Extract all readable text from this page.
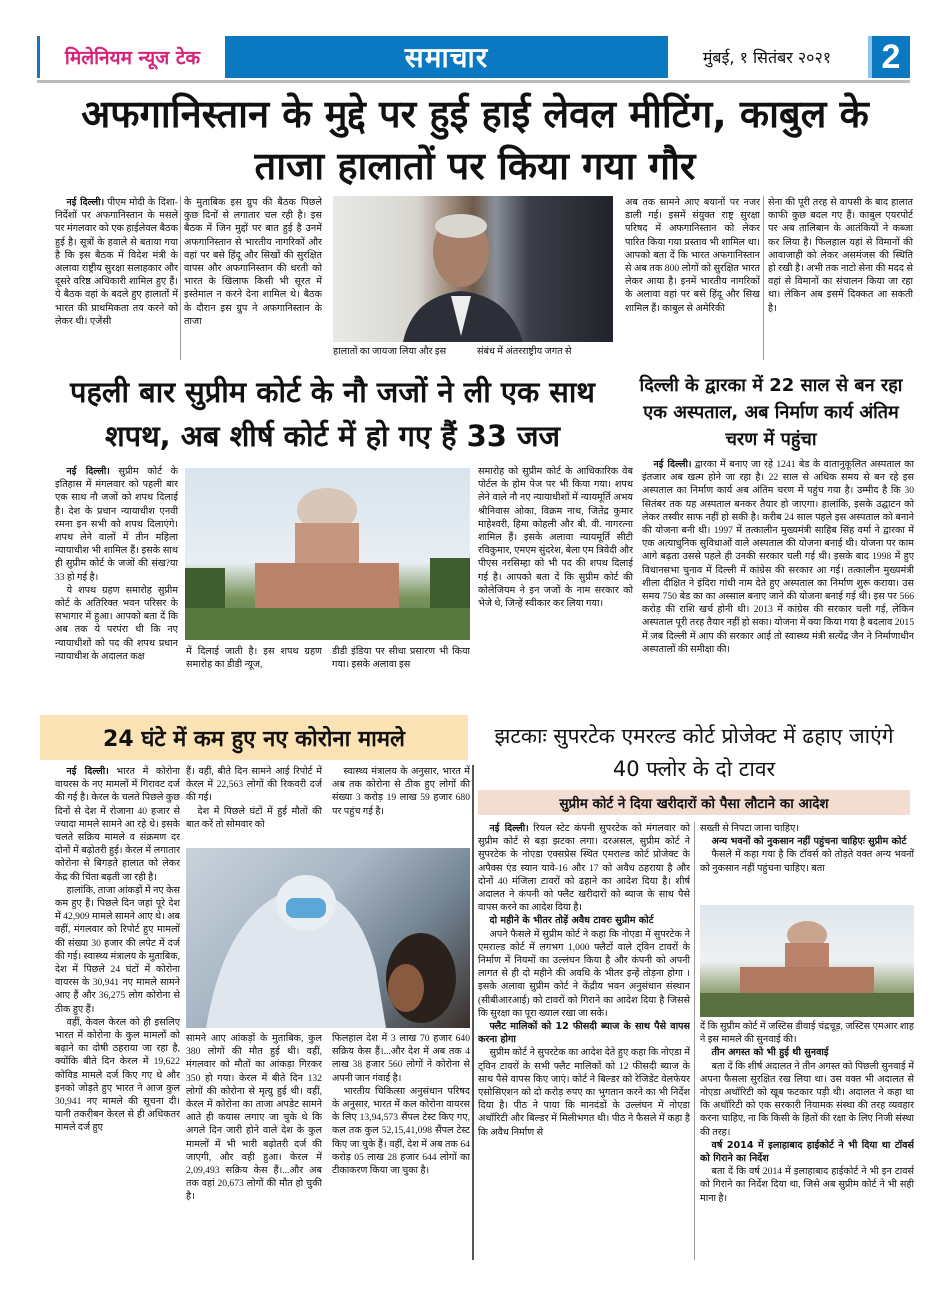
मिलेनियम न्यूज टेक	समाचार	मुंबई, १ सितंबर २०२१	2
अफगानिस्तान के मुद्दे पर हुई हाई लेवल मीटिंग, काबुल के ताजा हालातों पर किया गया गौर

नई दिल्ली। पीएम मोदी के दिशा-निर्देशों पर अफगानिस्तान के मसले पर मंगलवार को एक हाईलेवल बैठक हुई है। सूत्रों के हवाले से बताया गया है कि इस बैठक में विदेश मंत्री के अलावा राष्ट्रीय सुरक्षा सलाहकार और दूसरे वरिष्ठ अधिकारी शामिल हुए हैं। ये बैठक वहां के बदले हुए हालातों में भारत की प्राथमिकता तय करने को लेकर थी। एजेंसी

के मुताबिक इस ग्रुप की बैठक पिछले कुछ दिनों से लगातार चल रही है। इस बैठक में जिन मुद्दों पर बात हुई है उनमें अफगानिस्तान से भारतीय नागरिकों और वहां पर बसे हिंदू और सिखों की सुरक्षित वापस और अफगानिस्तान की धरती को भारत के खिलाफ किसी भी सूरत में इस्तेमाल न करने देना शामिल थे। बैठक के दौरान इस ग्रुप ने अफगानिस्तान के ताजा
हालातों का जायजा लिया और इस	संबंध में अंतरराष्ट्रीय जगत से
अब तक सामने आए बयानों पर नजर डाली गई। इसमें संयुक्त राष्ट्र सुरक्षा परिषद में अफगानिस्तान को लेकर पारित किया गया प्रस्ताव भी शामिल था। आपको बता दें कि भारत अफगानिस्तान से अब तक 800 लोगों को सुरक्षित भारत लेकर आया है। इनमें भारतीय नागरिकों के अलावा वहां पर बसे हिंदू और सिख शामिल हैं। काबुल से अमेरिकी
सेना की पूरी तरह से वापसी के बाद हालात काफी कुछ बदल गए हैं। काबुल एयरपोर्ट पर अब तालिबान के आतंकियों ने कब्जा कर लिया है। फिलहाल यहां से विमानों की आवाजाही को लेकर असमंजस की स्थिति हो रखी है। अभी तक नाटो सेना की मदद से वहां से विमानों का संचालन किया जा रहा था। लेकिन अब इसमें दिक्कत आ सकती है।
पहली बार सुप्रीम कोर्ट के नौ जजों ने ली एक साथ शपथ, अब शीर्ष कोर्ट में हो गए हैं 33 जज

नई दिल्ली। सुप्रीम कोर्ट के इतिहास में मंगलवार को पहली बार एक साथ नौ जजों को शपथ दिलाई है। देश के प्रधान न्यायाधीश एनवी रमना इन सभी को शपथ दिलाएंगे। शपथ लेने वालों में तीन महिला न्यायाधीश भी शामिल हैं। इसके साथ ही सुप्रीम कोर्ट के जजों की संख?या 33 हो गई है।

ये शपथ ग्रहण समारोह सुप्रीम कोर्ट के अतिरिक्त भवन परिसर के सभागार में हुआ। आपको बता दें कि अब तक ये परपंरा थी कि नए न्यायाधीशों को पद की शपथ प्रधान न्यायाधीश के अदालत कक्ष	में दिलाई जाती है। इस शपथ ग्रहण समारोह का डीडी न्यूज,
डीडी इंडिया पर सीधा प्रसारण भी किया गया। इसके अलावा इस
समारोह को सुप्रीम कोर्ट के आधिकारिक वेब पोर्टल के होम पेज पर भी किया गया। शपथ लेने वाले नौ नए न्यायाधीशों में न्यायमूर्ति अभय श्रीनिवास ओका, विक्रम नाथ, जितेंद्र कुमार माहेश्वरी, हिमा कोहली और बी. वी. नागरत्ना शामिल हैं। इसके अलावा न्यायमूर्ति सीटी रविकुमार, एमएम सुंदरेश, बेला एम त्रिवेदी और पीएस नरसिम्हा को भी पद की शपथ दिलाई गई है। आपको बता दें कि सुप्रीम कोर्ट की कोलेजियम ने इन जजों के नाम सरकार को भेजे थे, जिन्हें स्वीकार कर लिया गया।
दिल्ली के द्वारका में 22 साल से बन रहा एक अस्पताल, अब निर्माण कार्य अंतिम चरण में पहुंचा

नई दिल्ली। द्वारका में बनाए जा रहे 1241 बेड के वातानुकूलित अस्पताल का इंतजार अब खत्म होने जा रहा है। 22 साल से अधिक समय से बन रहे इस अस्पताल का निर्माण कार्य अब अंतिम चरण में पहुंच गया है। उम्मीद है कि 30 सितंबर तक यह अस्पताल बनकर तैयार हो जाएगा। हालांकि, इसके उद्घाटन को लेकर तस्वीर साफ नहीं हो सकी है। करीब 24 साल पहले इस अस्पताल को बनाने की योजना बनी थी। 1997 में तत्कालीन मुख्यमंत्री साहिब सिंह वर्मा ने द्वारका में एक अत्याधुनिक सुविधाओं वाले अस्पताल की योजना बनाई थी। योजना पर काम आगे बढ़ता उससे पहले ही उनकी सरकार चली गई थी। इसके बाद 1998 में हुए विधानसभा चुनाव में दिल्ली में कांग्रेस की सरकार आ गई। तत्कालीन मुख्यमंत्री शीला दीक्षित ने इंदिरा गांधी नाम देते हुए अस्पताल का निर्माण शुरू कराया। उस समय 750 बेड का का अस्साल बनाए जाने की योजना बनाई गई थी। इस पर 566 करोड़ की राशि खर्च होनी थी। 2013 में कांग्रेस की सरकार चली गई, लेकिन अस्पताल पूरी तरह तैयार नहीं हो सका। योजना में क्या किया गया है बदलाव 2015 में जब दिल्ली में आप की सरकार आई तो स्वास्थ्य मंत्री सत्येंद्र जैन ने निर्माणाधीन अस्पतालों की समीक्षा की।

24 घंटे में कम हुए नए कोरोना मामले

नई दिल्ली। भारत में कोरोना वायरस के नए मामलों में गिरावट दर्ज की गई है। केरल के चलते पिछले कुछ दिनों से देश में रोजाना 40 हजार से ज्यादा मामले सामने आ रहे थे। इसके चलते सक्रिय मामले व संक्रमण दर दोनों में बढ़ोतरी हुई। केरल में लगातार कोरोना से बिगड़ते हालात को लेकर केंद्र की चिंता बढ़ती जा रही है।

हालांकि, ताजा आंकड़ों में नए केस कम हुए हैं। पिछले दिन जहां पूरे देश में 42,909 मामले सामने आए थे। अब वहीं, मंगलवार को रिपोर्ट हुए मामलों की संख्या 30 हजार की लपेट में दर्ज की गई। स्वास्थ्य मंत्रालय के मुताबिक, देश में पिछले 24 घंटों में कोरोना वायरस के 30,941 नए मामले सामने आए हैं और 36,275 लोग कोरोना से ठीक हुए हैं।

वहीं, केवल केरल को ही इसलिए भारत में कोरोना के कुल मामलों को बढ़ाने का दोषी ठहराया जा रहा है, क्योंकि बीते दिन केरल में 19,622 कोविड मामले दर्ज किए गए थे और इनको जोड़ते हुए भारत ने आज कुल 30,941 नए मामले की सूचना दी। यानी तकरीबन केरल से ही अधिकतर मामले दर्ज हुए

हैं। वहीं, बीते दिन सामने आई रिपोर्ट में केरल में 22,563 लोगों की रिकवरी दर्ज की गई।

देश में पिछले घंटों में हुई मौतों की बात करें तो सोमवार को

स्वास्थ्य मंत्रालय के अनुसार, भारत में अब तक कोरोना से ठीक हुए लोगों की संख्या 3 करोड़ 19 लाख 59 हजार 680 पर पहुंच गई है।

सामने आए आंकड़ों के मुताबिक, कुल 380 लोगों की मौत हुई थी। वहीं, मंगलवार को मौतों का आंकड़ा गिरकर 350 हो गया। केरल में बीते दिन 132 लोगों की कोरोना से मृत्यु हुई थी। वहीं, केरल में कोरोना का ताजा अपडेट सामने आते ही कयास लगाए जा चुके थे कि अगले दिन जारी होने वाले देश के कुल मामलों में भी भारी बढ़ोतरी दर्ज की जाएगी, और वही हुआ। केरल में 2,09,493 सक्रिय केस हैं।...और अब तक वहां 20,673 लोगों की मौत हो चुकी है।
फिलहाल देश में 3 लाख 70 हजार 640 सक्रिय केस हैं।...और देश में अब तक 4 लाख 38 हजार 560 लोगों ने कोरोना से अपनी जान गंवाई है।

भारतीय चिकित्सा अनुसंधान परिषद के अनुसार, भारत में कल कोरोना वायरस के लिए 13,94,573 सैंपल टेस्ट किए गए, कल तक कुल 52,15,41,098 सैंपल टेस्ट किए जा चुके हैं। वहीं, देश में अब तक 64 करोड़ 05 लाख 28 हजार 644 लोगों का टीकाकरण किया जा चुका है।

झटकाः सुपरटेक एमरल्ड कोर्ट प्रोजेक्ट में ढहाए जाएंगे 40 फ्लोर के दो टावर
सुप्रीम कोर्ट ने दिया खरीदारों को पैसा लौटाने का आदेश

नई दिल्ली। रियल स्टेट कंपनी सुपरटेक को मंगलवार को सुप्रीम कोर्ट से बड़ा झटका लगा। दरअसल, सुप्रीम कोर्ट ने सुपरटेक के नोएडा एक्सप्रेस स्थित एमराल्ड कोर्ट प्रोजेक्ट के अपैक्स एंड स्यान यावे-16 और 17 को अवैध ठहराया है और दोनों 40 मंजिला टावरों को ढहाने का आदेश दिया है। शीर्ष अदालत ने कंपनी को फ्लैट खरीदारों को ब्याज के साथ पैसे वापस करने का आदेश दिया है।

दो महीने के भीतर तोड़ें अवैध टावरः सुप्रीम कोर्ट

अपने फैसले में सुप्रीम कोर्ट ने कहा कि नोएडा में सुपरटेक ने एमराल्ड कोर्ट में लगभग 1,000 फ्लैटों वाले ट्विन टावरों के निर्माण में नियमों का उल्लंघन किया है और कंपनी को अपनी लागत से ही दो महीने की अवधि के भीतर इन्हें तोड़ना होगा । इसके अलावा सुप्रीम कोर्ट ने केंद्रीय भवन अनुसंधान संस्थान (सीबीआरआई) को टावरों को गिराने का आदेश दिया है जिससे कि सुरक्षा का पूरा ख्याल रखा जा सके।

फ्लैट मालिकों को 12 फीसदी ब्याज के साथ पैसे वापस करना होगा

सुप्रीम कोर्ट ने सुपरटेक का आदेश देते हुए कहा कि नोएडा में ट्विन टावरों के सभी फ्लैट मालिकों को 12 फीसदी ब्याज के साथ पैसे वापस किए जाएं। कोर्ट ने बिल्डर को रेजिडेंट वेलफेयर एसोसिएशन को दो करोड़ रुपए का भुगतान करने का भी निर्देश दिया है। पीठ ने पाया कि मानदंडों के उल्लंघन में नोएडा अथॉरिटी और बिल्डर में मिलीभगत थी। पीठ ने फैसले में कहा है कि अवैध निर्माण से

सख्ती से निपटा जाना चाहिए।

अन्य भवनों को नुकसान नहीं पहुंचना चाहिएः सुप्रीम कोर्ट

फैसले में कहा गया है कि टॉवर्स को तोड़ते वक्त अन्य भवनों को नुकसान नहीं पहुंचना चाहिए। बता

दें कि सुप्रीम कोर्ट में जस्टिस डीवाई चंद्रचूड़, जस्टिस एमआर शाह ने इस मामले की सुनवाई की।

तीन अगस्त को भी हुई थी सुनवाई

बता दें कि शीर्ष अदालत ने तीन अगस्त को पिछली सुनवाई में अपना फैसला सुरक्षित रख लिया था। उस वक्त भी अदालत से नोएडा अथॉरिटी को खूब फटकार पड़ी थी। अदालत ने कहा था कि अथॉरिटी को एक सरकारी नियामक संस्था की तरह व्यवहार करना चाहिए, ना कि किसी के हितों की रक्षा के लिए निजी संस्था की तरह।

वर्ष 2014 में इलाहाबाद हाईकोर्ट ने भी दिया था टॉवर्स को गिराने का निर्देश

बता दें कि वर्ष 2014 में इलाहाबाद हाईकोर्ट ने भी इन टावर्स को गिराने का निर्देश दिया था, जिसे अब सुप्रीम कोर्ट ने भी सही माना है।
